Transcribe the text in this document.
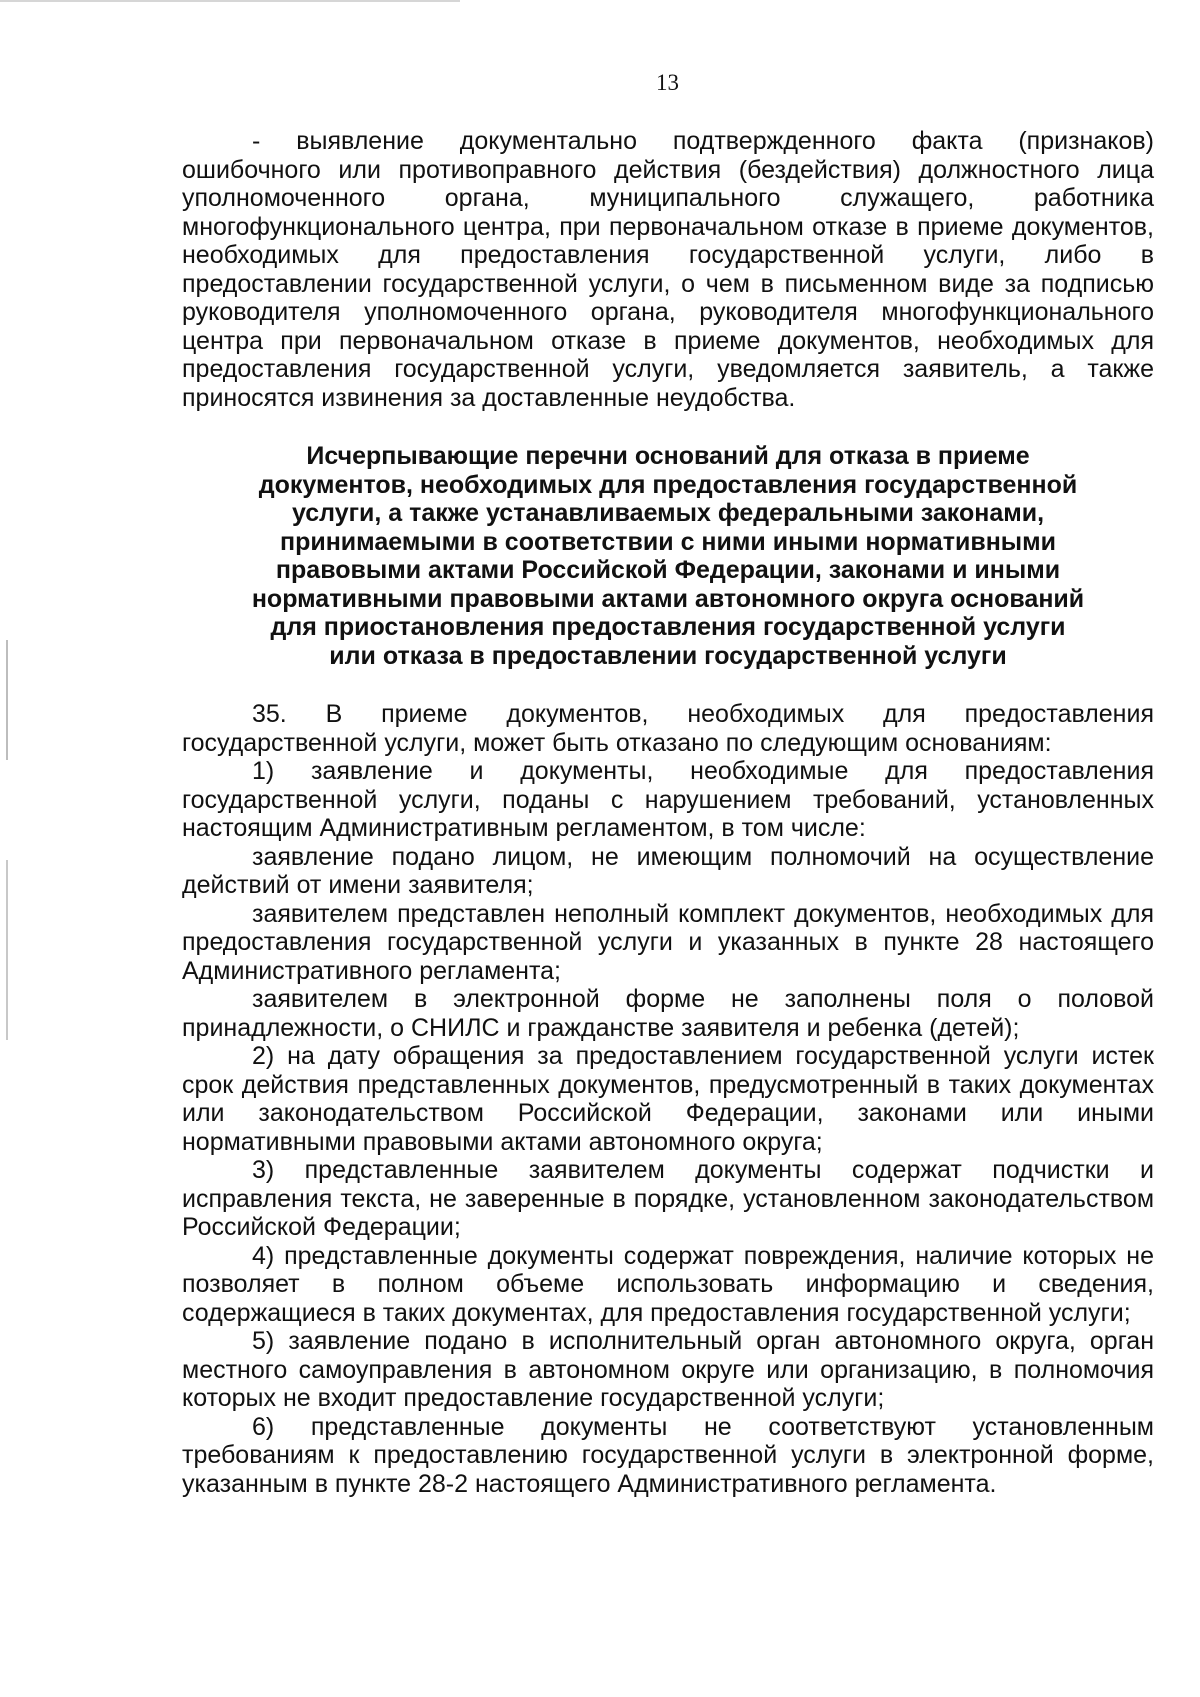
13

- выявление документально подтвержденного факта (признаков) ошибочного или противоправного действия (бездействия) должностного лица уполномоченного органа, муниципального служащего, работника многофункционального центра, при первоначальном отказе в приеме документов, необходимых для предоставления государственной услуги, либо в предоставлении государственной услуги, о чем в письменном виде за подписью руководителя уполномоченного органа, руководителя многофункционального центра при первоначальном отказе в приеме документов, необходимых для предоставления государственной услуги, уведомляется заявитель, а также приносятся извинения за доставленные неудобства.

Исчерпывающие перечни оснований для отказа в приеме
документов, необходимых для предоставления государственной
услуги, а также устанавливаемых федеральными законами,
принимаемыми в соответствии с ними иными нормативными
правовыми актами Российской Федерации, законами и иными
нормативными правовыми актами автономного округа оснований
для приостановления предоставления государственной услуги
или отказа в предоставлении государственной услуги

35. В приеме документов, необходимых для предоставления государственной услуги, может быть отказано по следующим основаниям:

1) заявление и документы, необходимые для предоставления государственной услуги, поданы с нарушением требований, установленных настоящим Административным регламентом, в том числе:

заявление подано лицом, не имеющим полномочий на осуществление действий от имени заявителя;

заявителем представлен неполный комплект документов, необходимых для предоставления государственной услуги и указанных в пункте 28 настоящего Административного регламента;

заявителем в электронной форме не заполнены поля о половой принадлежности, о СНИЛС и гражданстве заявителя и ребенка (детей);

2) на дату обращения за предоставлением государственной услуги истек срок действия представленных документов, предусмотренный в таких документах или законодательством Российской Федерации, законами или иными нормативными правовыми актами автономного округа;

3) представленные заявителем документы содержат подчистки и исправления текста, не заверенные в порядке, установленном законодательством Российской Федерации;

4) представленные документы содержат повреждения, наличие которых не позволяет в полном объеме использовать информацию и сведения, содержащиеся в таких документах, для предоставления государственной услуги;

5) заявление подано в исполнительный орган автономного округа, орган местного самоуправления в автономном округе или организацию, в полномочия которых не входит предоставление государственной услуги;

6) представленные документы не соответствуют установленным требованиям к предоставлению государственной услуги в электронной форме, указанным в пункте 28-2 настоящего Административного регламента.
